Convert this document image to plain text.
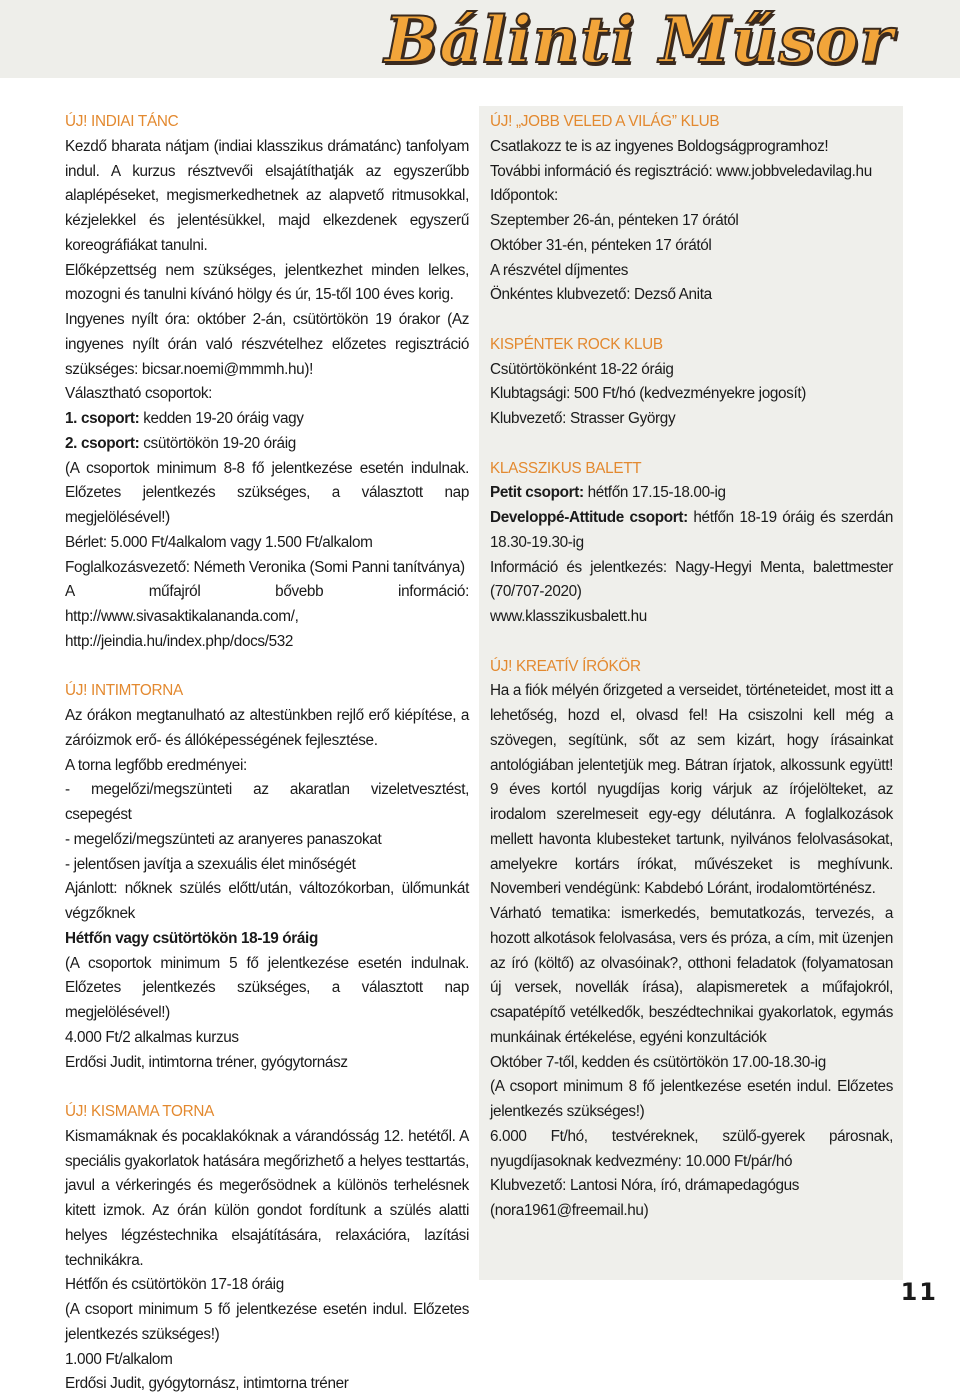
Bálinti Műsor
ÚJ! INDIAI TÁNC
Kezdő bharata nátjam (indiai klasszikus drámatánc) tanfolyam indul. A kurzus résztvevői elsajátíthatják az egyszerűbb alaplépéseket, megismerkedhetnek az alapvető ritmusokkal, kézjelekkel és jelentésükkel, majd elkezdenek egyszerű koreográfiákat tanulni.
Előképzettség nem szükséges, jelentkezhet minden lelkes, mozogni és tanulni kívánó hölgy és úr, 15-től 100 éves korig.
Ingyenes nyílt óra: október 2-án, csütörtökön 19 órakor (Az ingyenes nyílt órán való részvételhez előzetes regisztráció szükséges: bicsar.noemi@mmmh.hu)!
Választható csoportok:
1. csoport: kedden 19-20 óráig vagy
2. csoport: csütörtökön 19-20 óráig
(A csoportok minimum 8-8 fő jelentkezése esetén indulnak. Előzetes jelentkezés szükséges, a választott nap megjelölésével!)
Bérlet: 5.000 Ft/4alkalom vagy 1.500 Ft/alkalom
Foglalkozásvezető: Németh Veronika (Somi Panni tanítványa)
A műfajról bővebb információ: http://www.sivasaktikalananda.com/, http://jeindia.hu/index.php/docs/532
ÚJ! INTIMTORNA
Az órákon megtanulható az altestünkben rejlő erő kiépítése, a záróizmok erő- és állóképességének fejlesztése.
A torna legfőbb eredményei:
- megelőzi/megszünteti az akaratlan vizeletvesztést, csepegést
- megelőzi/megszünteti az aranyeres panaszokat
- jelentősen javítja a szexuális élet minőségét
Ajánlott: nőknek szülés előtt/után, változókorban, ülőmunkát végzőknek
Hétfőn vagy csütörtökön 18-19 óráig
(A csoportok minimum 5 fő jelentkezése esetén indulnak. Előzetes jelentkezés szükséges, a választott nap megjelölésével!)
4.000 Ft/2 alkalmas kurzus
Erdősi Judit, intimtorna tréner, gyógytornász
ÚJ! KISMAMA TORNA
Kismamáknak és pocaklakóknak a várandósság 12. hetétől. A speciális gyakorlatok hatására megőrizhető a helyes testtartás, javul a vérkeringés és megerősödnek a különös terhelésnek kitett izmok. Az órán külön gondot fordítunk a szülés alatti helyes légzéstechnika elsajátítására, relaxációra, lazítási technikákra.
Hétfőn és csütörtökön 17-18 óráig
(A csoport minimum 5 fő jelentkezése esetén indul. Előzetes jelentkezés szükséges!)
1.000 Ft/alkalom
Erdősi Judit, gyógytornász, intimtorna tréner
ÚJ! „JOBB VELED A VILÁG” KLUB
Csatlakozz te is az ingyenes Boldogságprogramhoz!
További információ és regisztráció: www.jobbveledavilag.hu
Időpontok:
Szeptember 26-án, pénteken 17 órától
Október 31-én, pénteken 17 órától
A részvétel díjmentes
Önkéntes klubvezető: Dezső Anita
KISPÉNTEK ROCK KLUB
Csütörtökönként 18-22 óráig
Klubtagsági: 500 Ft/hó (kedvezményekre jogosít)
Klubvezető: Strasser György
KLASSZIKUS BALETT
Petit csoport: hétfőn 17.15-18.00-ig
Developpé-Attitude csoport: hétfőn 18-19 óráig és szerdán 18.30-19.30-ig
Információ és jelentkezés: Nagy-Hegyi Menta, balettmester (70/707-2020)
www.klasszikusbalett.hu
ÚJ! KREATÍV ÍRÓKÖR
Ha a fiók mélyén őrizgeted a verseidet, történeteidet, most itt a lehetőség, hozd el, olvasd fel! Ha csiszolni kell még a szövegen, segítünk, sőt az sem kizárt, hogy írásainkat antológiában jelentetjük meg. Bátran írjatok, alkossunk együtt! 9 éves kortól nyugdíjas korig várjuk az írójelölteket, az irodalom szerelmeseit egy-egy délutánra. A foglalkozások mellett havonta klubesteket tartunk, nyilvános felolvasásokat, amelyekre kortárs írókat, művészeket is meghívunk. Novemberi vendégünk: Kabdebó Lóránt, irodalomtörténész.
Várható tematika: ismerkedés, bemutatkozás, tervezés, a hozott alkotások felolvasása, vers és próza, a cím, mit üzenjen az író (költő) az olvasóinak?, otthoni feladatok (folyamatosan új versek, novellák írása), alapismeretek a műfajokról, csapatépítő vetélkedők, beszédtechnikai gyakorlatok, egymás munkáinak értékelése, egyéni konzultációk
Október 7-től, kedden és csütörtökön 17.00-18.30-ig
(A csoport minimum 8 fő jelentkezése esetén indul. Előzetes jelentkezés szükséges!)
6.000 Ft/hó, testvéreknek, szülő-gyerek párosnak, nyugdíjasoknak kedvezmény: 10.000 Ft/pár/hó
Klubvezető: Lantosi Nóra, író, drámapedagógus
(nora1961@freemail.hu)
11
